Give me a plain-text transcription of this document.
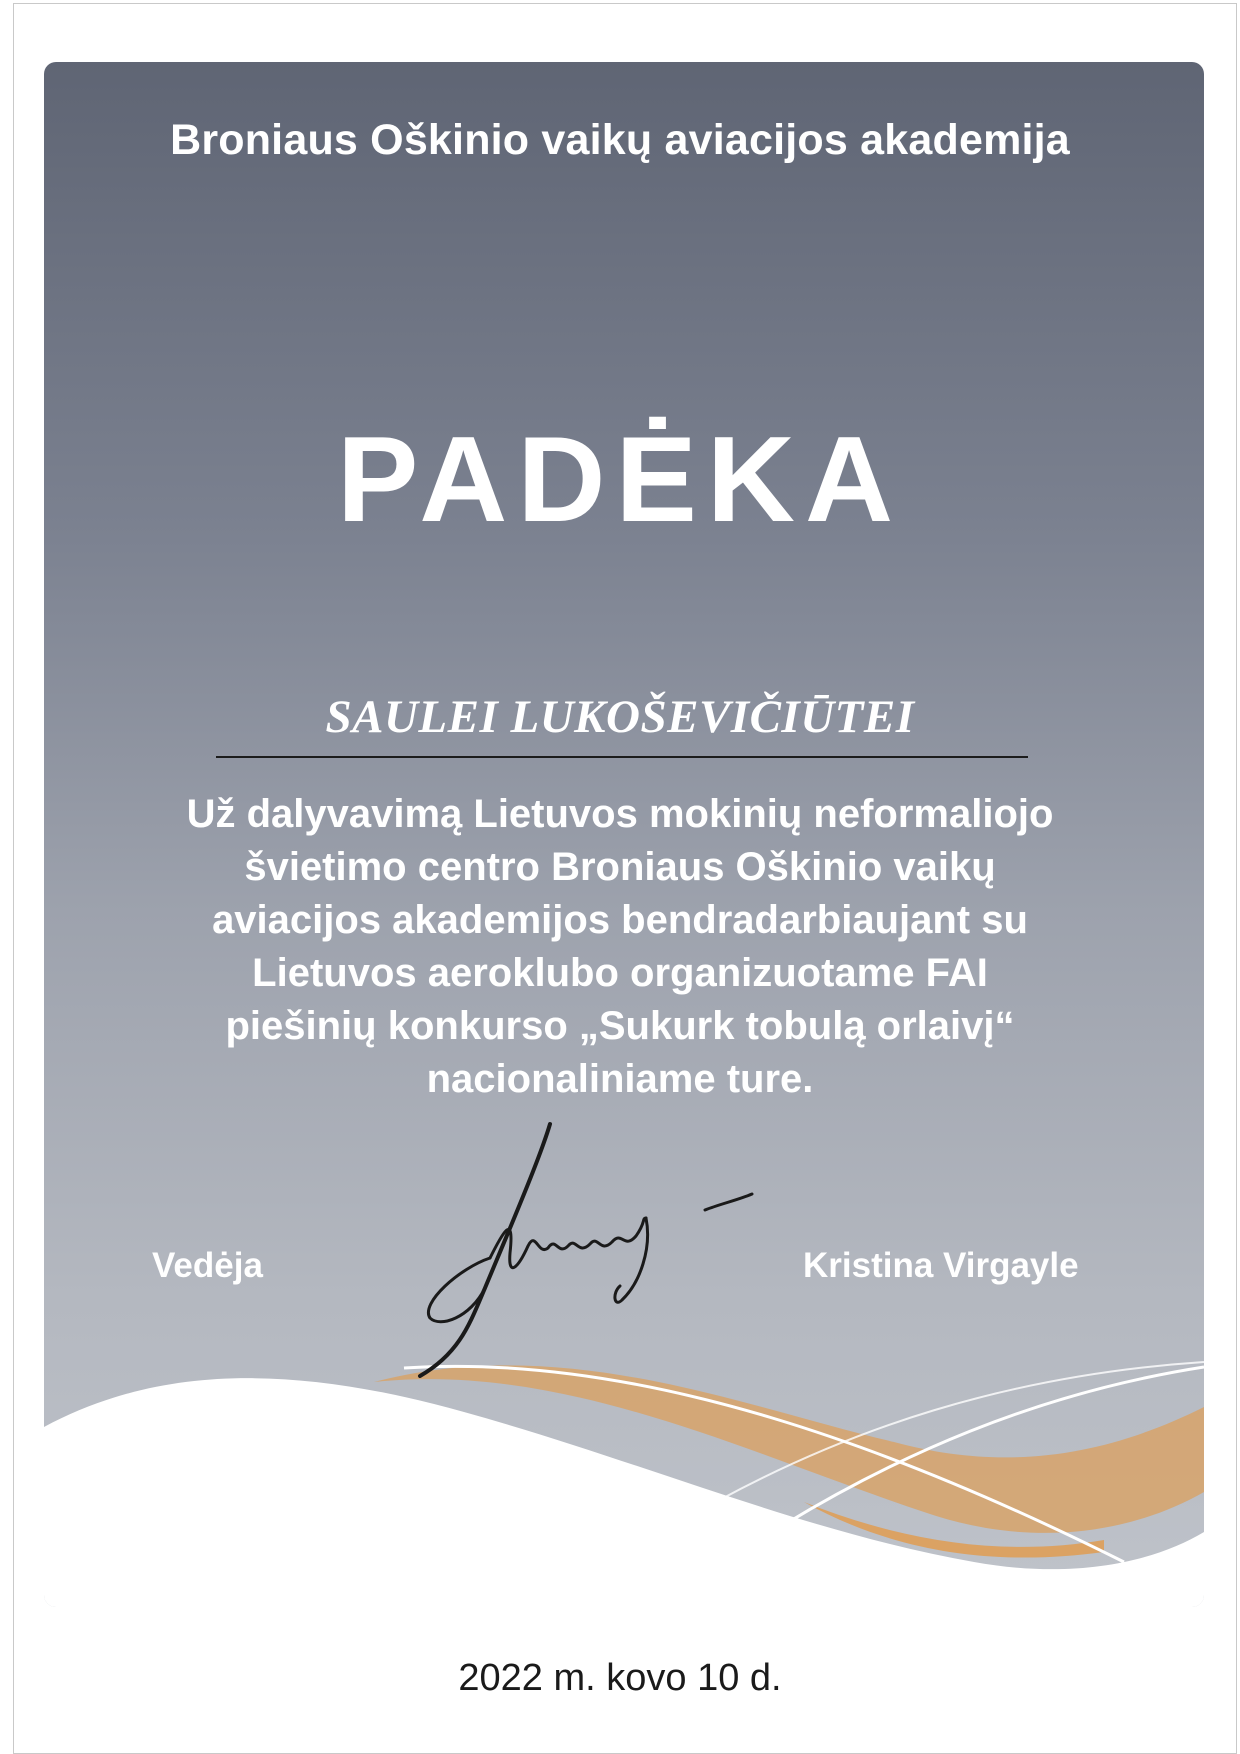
Broniaus Oškinio vaikų aviacijos akademija
PADĖKA
SAULEI LUKOŠEVIČIŪTEI
Už dalyvavimą Lietuvos mokinių neformaliojo
švietimo centro Broniaus Oškinio vaikų
aviacijos akademijos bendradarbiaujant su
Lietuvos aeroklubo organizuotame FAI
piešinių konkurso „Sukurk tobulą orlaivį“
nacionaliniame ture.
Vedėja	Kristina Virgayle
2022 m. kovo 10 d.
